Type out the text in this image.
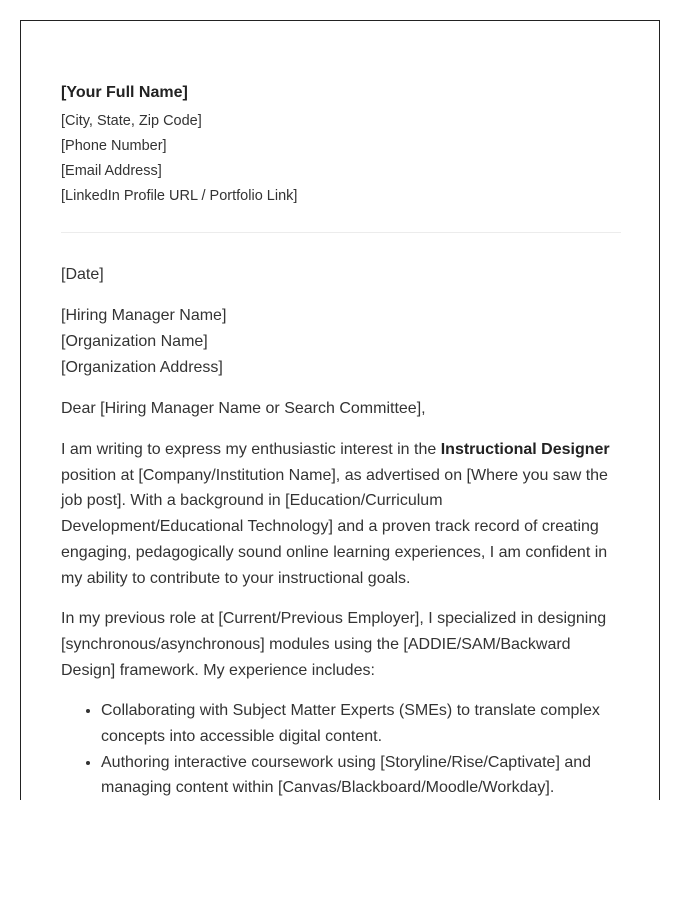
[Your Full Name]
[City, State, Zip Code]
[Phone Number]
[Email Address]
[LinkedIn Profile URL / Portfolio Link]
[Date]
[Hiring Manager Name]
[Organization Name]
[Organization Address]
Dear [Hiring Manager Name or Search Committee],

I am writing to express my enthusiastic interest in the Instructional Designer position at [Company/Institution Name], as advertised on [Where you saw the job post]. With a background in [Education/Curriculum Development/Educational Technology] and a proven track record of creating engaging, pedagogically sound online learning experiences, I am confident in my ability to contribute to your instructional goals.

In my previous role at [Current/Previous Employer], I specialized in designing [synchronous/asynchronous] modules using the [ADDIE/SAM/Backward Design] framework. My experience includes:

• Collaborating with Subject Matter Experts (SMEs) to translate complex concepts into accessible digital content.
• Authoring interactive coursework using [Storyline/Rise/Captivate] and managing content within [Canvas/Blackboard/Moodle/Workday].
